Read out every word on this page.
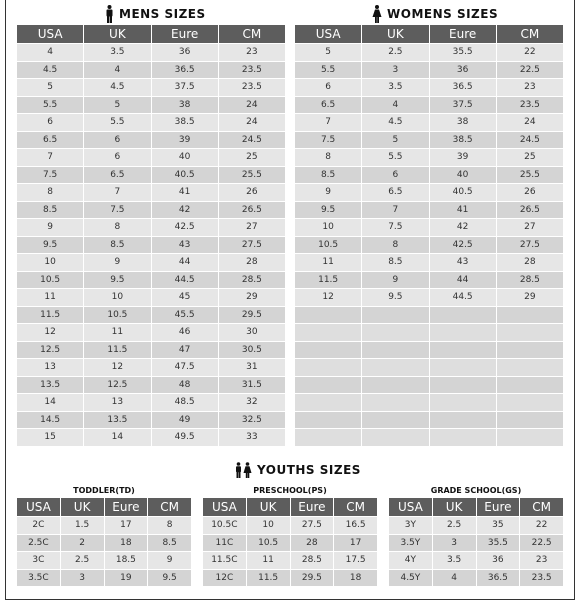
MENS SIZES
USA	UK	Eure	CM
4	3.5	36	23
4.5	4	36.5	23.5
5	4.5	37.5	23.5
5.5	5	38	24
6	5.5	38.5	24
6.5	6	39	24.5
7	6	40	25
7.5	6.5	40.5	25.5
8	7	41	26
8.5	7.5	42	26.5
9	8	42.5	27
9.5	8.5	43	27.5
10	9	44	28
10.5	9.5	44.5	28.5
11	10	45	29
11.5	10.5	45.5	29.5
12	11	46	30
12.5	11.5	47	30.5
13	12	47.5	31
13.5	12.5	48	31.5
14	13	48.5	32
14.5	13.5	49	32.5
15	14	49.5	33
WOMENS SIZES
USA	UK	Eure	CM
5	2.5	35.5	22
5.5	3	36	22.5
6	3.5	36.5	23
6.5	4	37.5	23.5
7	4.5	38	24
7.5	5	38.5	24.5
8	5.5	39	25
8.5	6	40	25.5
9	6.5	40.5	26
9.5	7	41	26.5
10	7.5	42	27
10.5	8	42.5	27.5
11	8.5	43	28
11.5	9	44	28.5
12	9.5	44.5	29

YOUTHS SIZES
TODDLER(TD)
USA	UK	Eure	CM
2C	1.5	17	8
2.5C	2	18	8.5
3C	2.5	18.5	9
3.5C	3	19	9.5
PRESCHOOL(PS)
USA	UK	Eure	CM
10.5C	10	27.5	16.5
11C	10.5	28	17
11.5C	11	28.5	17.5
12C	11.5	29.5	18
GRADE SCHOOL(GS)
USA	UK	Eure	CM
3Y	2.5	35	22
3.5Y	3	35.5	22.5
4Y	3.5	36	23
4.5Y	4	36.5	23.5
